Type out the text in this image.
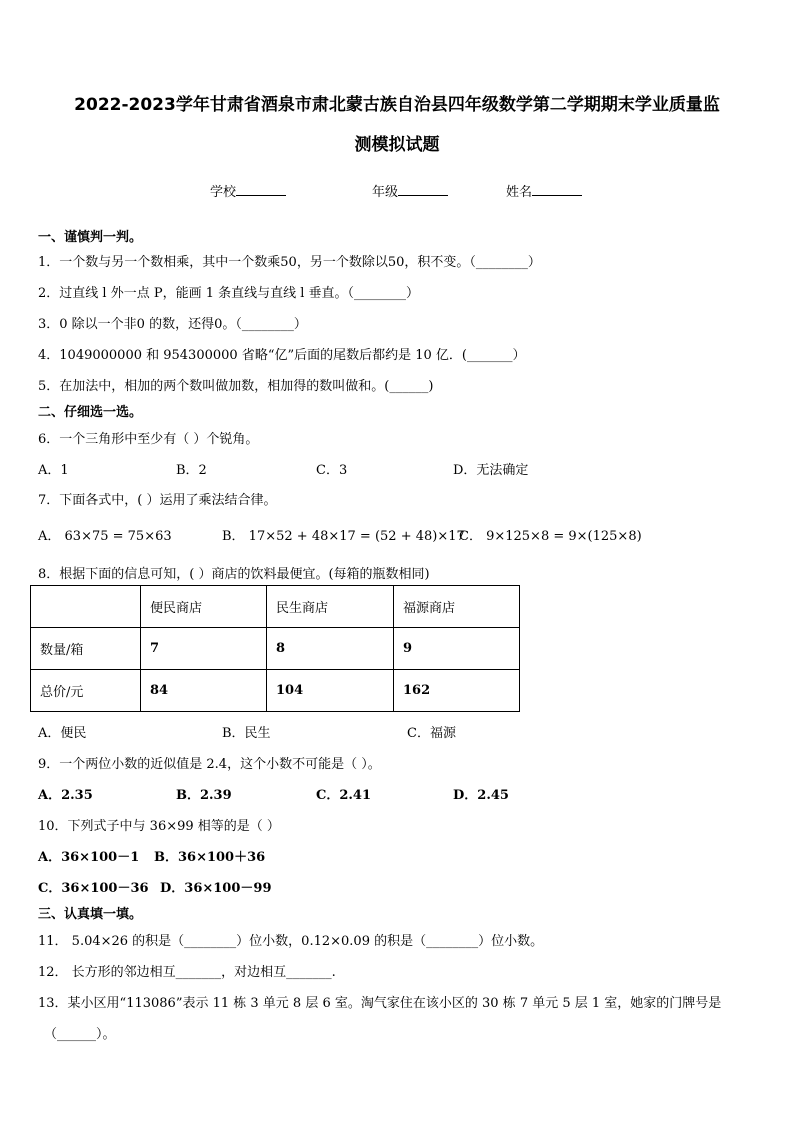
2022-2023学年甘肃省酒泉市肃北蒙古族自治县四年级数学第二学期期末学业质量监
测模拟试题
学校	年级	姓名
一、谨慎判一判。
1．一个数与另一个数相乘，其中一个数乘50，另一个数除以50，积不变。（________）
2．过直线 l 外一点 P，能画 1 条直线与直线 l 垂直。（________）
3．0 除以一个非0 的数，还得0。（________）
4．1049000000 和 954300000 省略“亿”后面的尾数后都约是 10 亿．(_______）
5．在加法中，相加的两个数叫做加数，相加得的数叫做和。(______)
二、仔细选一选。
6．一个三角形中至少有（ ）个锐角。
A．1	B．2	C．3	D．无法确定
7．下面各式中，( ）运用了乘法结合律。
A． 63×75 = 75×63	B． 17×52 + 48×17 = (52 + 48)×17
C． 9×125×8 = 9×(125×8)
8．根据下面的信息可知，( ）商店的饮料最便宜。(每箱的瓶数相同)
	便民商店	民生商店	福源商店
数量/箱	7	8	9
总价/元	84	104	162
A．便民	B．民生	C．福源
9．一个两位小数的近似值是 2.4，这个小数不可能是（ ）。
A．2.35	B．2.39	C．2.41	D．2.45
10．下列式子中与 36×99 相等的是（ ）
A．36×100－1 B．36×100＋36
C．36×100－36 D．36×100－99
三、认真填一填。
11． 5.04×26 的积是（________）位小数，0.12×0.09 的积是（________）位小数。
12． 长方形的邻边相互_______，对边相互_______.
13．某小区用“113086”表示 11 栋 3 单元 8 层 6 室。淘气家住在该小区的 30 栋 7 单元 5 层 1 室，她家的门牌号是
（______）。
